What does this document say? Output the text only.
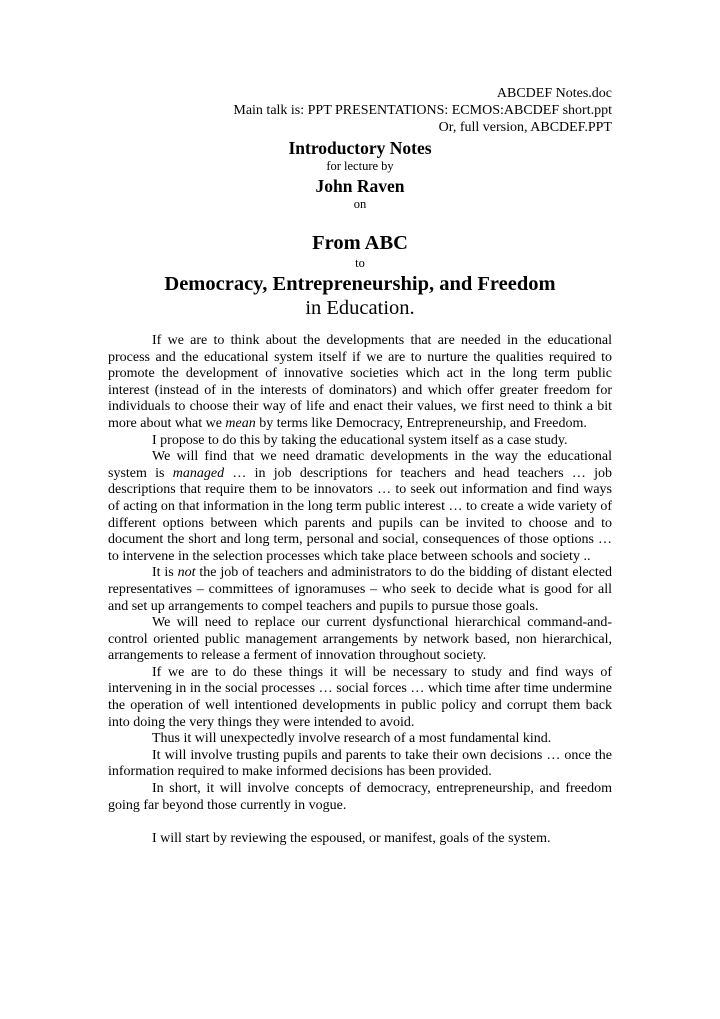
ABCDEF Notes.doc
Main talk is: PPT PRESENTATIONS: ECMOS:ABCDEF short.ppt
Or, full version, ABCDEF.PPT
Introductory Notes
for lecture by
John Raven
on
From ABC
to
Democracy, Entrepreneurship, and Freedom
in Education.

If we are to think about the developments that are needed in the educational process and the educational system itself if we are to nurture the qualities required to promote the development of innovative societies which act in the long term public interest (instead of in the interests of dominators) and which offer greater freedom for individuals to choose their way of life and enact their values, we first need to think a bit more about what we mean by terms like Democracy, Entrepreneurship, and Freedom.

I propose to do this by taking the educational system itself as a case study.

We will find that we need dramatic developments in the way the educational system is managed … in job descriptions for teachers and head teachers … job descriptions that require them to be innovators … to seek out information and find ways of acting on that information in the long term public interest … to create a wide variety of different options between which parents and pupils can be invited to choose and to document the short and long term, personal and social, consequences of those options … to intervene in the selection processes which take place between schools and society ..

It is not the job of teachers and administrators to do the bidding of distant elected representatives – committees of ignoramuses – who seek to decide what is good for all and set up arrangements to compel teachers and pupils to pursue those goals.

We will need to replace our current dysfunctional hierarchical command-and-control oriented public management arrangements by network based, non hierarchical, arrangements to release a ferment of innovation throughout society.

If we are to do these things it will be necessary to study and find ways of intervening in in the social processes … social forces … which time after time undermine the operation of well intentioned developments in public policy and corrupt them back into doing the very things they were intended to avoid.

Thus it will unexpectedly involve research of a most fundamental kind.

It will involve trusting pupils and parents to take their own decisions … once the information required to make informed decisions has been provided.

In short, it will involve concepts of democracy, entrepreneurship, and freedom going far beyond those currently in vogue.

I will start by reviewing the espoused, or manifest, goals of the system.
